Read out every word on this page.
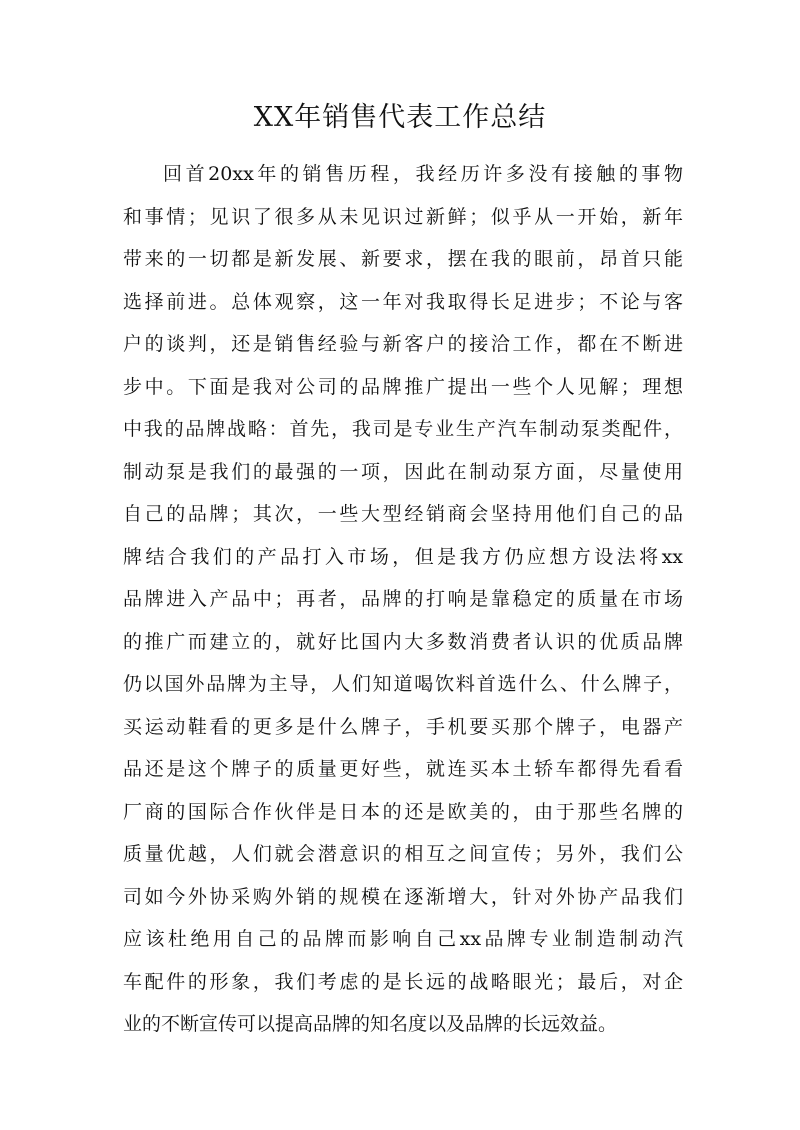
XX年销售代表工作总结
回首20xx年的销售历程，我经历许多没有接触的事物
和事情；见识了很多从未见识过新鲜；似乎从一开始，新年
带来的一切都是新发展、新要求，摆在我的眼前，昂首只能
选择前进。总体观察，这一年对我取得长足进步；不论与客
户的谈判，还是销售经验与新客户的接洽工作，都在不断进
步中。下面是我对公司的品牌推广提出一些个人见解；理想
中我的品牌战略：首先，我司是专业生产汽车制动泵类配件，
制动泵是我们的最强的一项，因此在制动泵方面，尽量使用
自己的品牌；其次，一些大型经销商会坚持用他们自己的品
牌结合我们的产品打入市场，但是我方仍应想方设法将xx
品牌进入产品中；再者，品牌的打响是靠稳定的质量在市场
的推广而建立的，就好比国内大多数消费者认识的优质品牌
仍以国外品牌为主导，人们知道喝饮料首选什么、什么牌子，
买运动鞋看的更多是什么牌子，手机要买那个牌子，电器产
品还是这个牌子的质量更好些，就连买本土轿车都得先看看
厂商的国际合作伙伴是日本的还是欧美的，由于那些名牌的
质量优越，人们就会潜意识的相互之间宣传；另外，我们公
司如今外协采购外销的规模在逐渐增大，针对外协产品我们
应该杜绝用自己的品牌而影响自己xx品牌专业制造制动汽
车配件的形象，我们考虑的是长远的战略眼光；最后，对企
业的不断宣传可以提高品牌的知名度以及品牌的长远效益。
